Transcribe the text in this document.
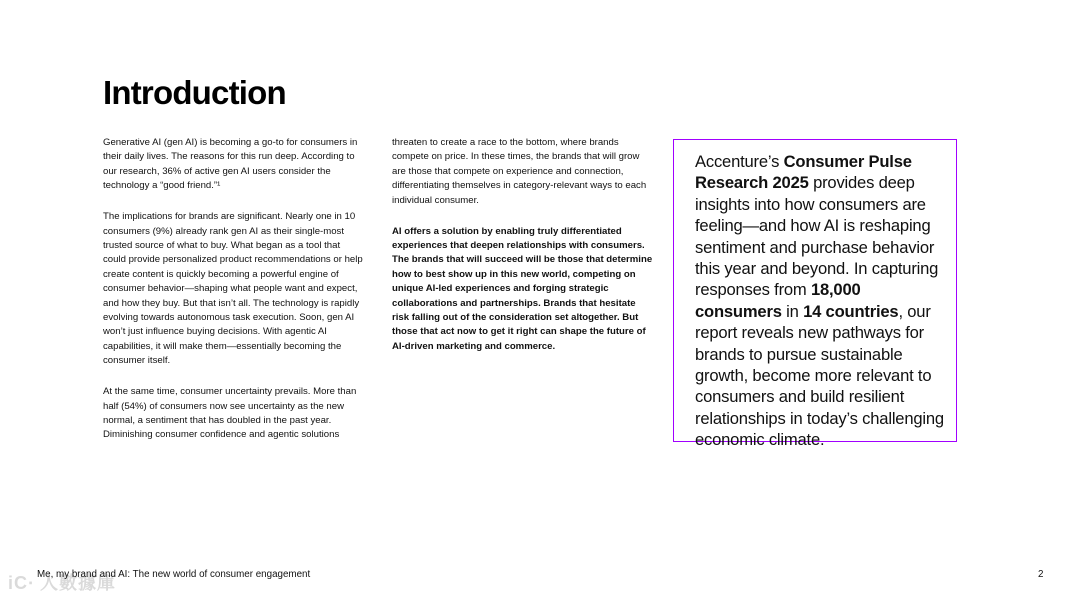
Introduction

Generative AI (gen AI) is becoming a go-to for consumers in their daily lives. The reasons for this run deep. According to our research, 36% of active gen AI users consider the technology a “good friend.”¹

The implications for brands are significant. Nearly one in 10 consumers (9%) already rank gen AI as their single-most trusted source of what to buy. What began as a tool that could provide personalized product recommendations or help create content is quickly becoming a powerful engine of consumer behavior—shaping what people want and expect, and how they buy. But that isn’t all. The technology is rapidly evolving towards autonomous task execution. Soon, gen AI won’t just influence buying decisions. With agentic AI capabilities, it will make them—essentially becoming the consumer itself.

At the same time, consumer uncertainty prevails. More than half (54%) of consumers now see uncertainty as the new normal, a sentiment that has doubled in the past year. Diminishing consumer confidence and agentic solutions

threaten to create a race to the bottom, where brands compete on price. In these times, the brands that will grow are those that compete on experience and connection, differentiating themselves in category-relevant ways to each individual consumer.

AI offers a solution by enabling truly differentiated experiences that deepen relationships with consumers. The brands that will succeed will be those that determine how to best show up in this new world, competing on unique AI-led experiences and forging strategic collaborations and partnerships. Brands that hesitate risk falling out of the consideration set altogether. But those that act now to get it right can shape the future of AI-driven marketing and commerce.

Accenture’s Consumer Pulse Research 2025 provides deep insights into how consumers are feeling—and how AI is reshaping sentiment and purchase behavior this year and beyond. In capturing responses from 18,000 consumers in 14 countries, our report reveals new pathways for brands to pursue sustainable growth, become more relevant to consumers and build resilient relationships in today’s challenging economic climate.
iC∙ 人數據庫
Me, my brand and AI: The new world of consumer engagement	2
